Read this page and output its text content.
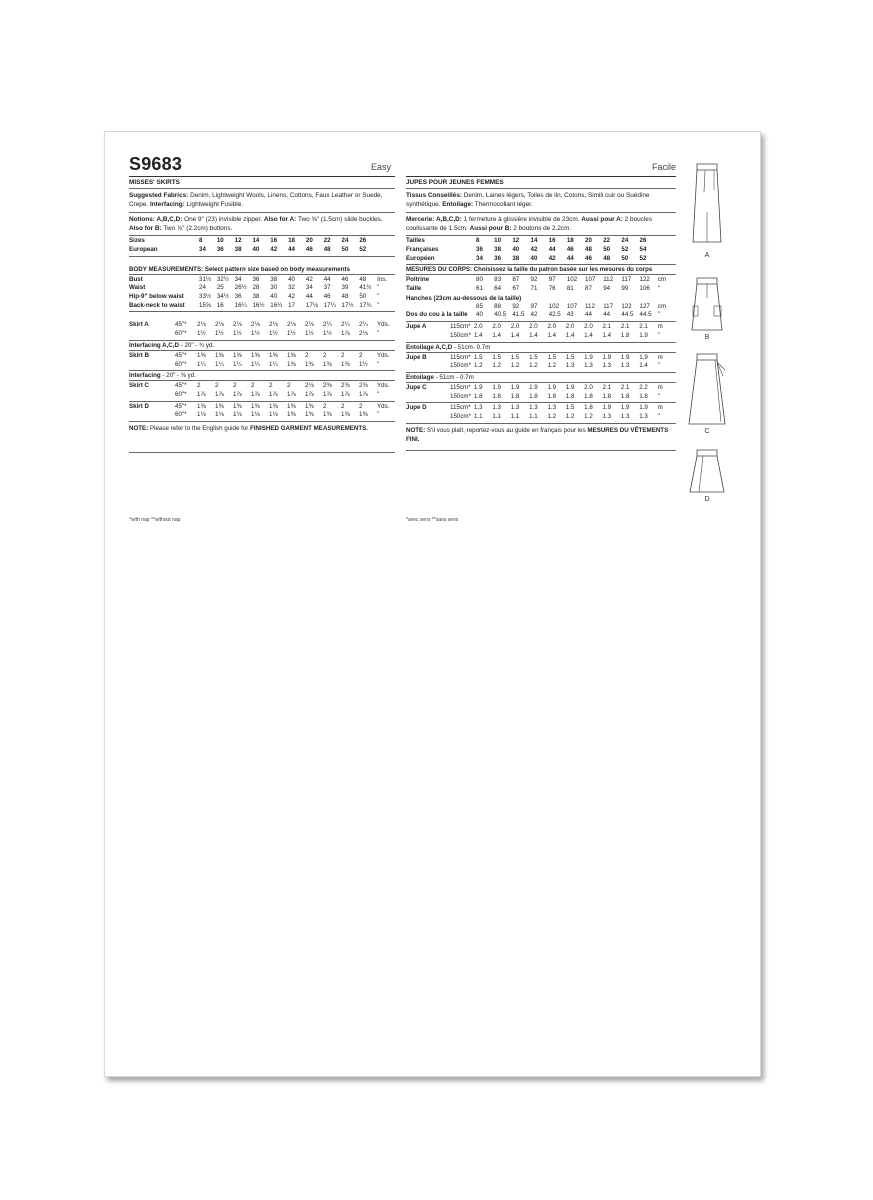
S9683	Easy
MISSES' SKIRTS
Suggested Fabrics: Denim, Lightweight Wools, Linens, Cottons, Faux Leather or Suede, Crepe. Interfacing: Lightweight Fusible.
Notions: A,B,C,D: One 9" (23) invisible zipper. Also for A: Two ⅝" (1.5cm) slide buckles. Also for B: Two ⅞" (2.2cm) buttons.
Sizes	8	10	12	14	16	18	20	22	24	26	
European	34	36	38	40	42	44	46	48	50	52	
BODY MEASUREMENTS: Select pattern size based on body measurements
Bust	31½	32½	34	36	38	40	42	44	46	48	Ins.
Waist	24	25	26½	28	30	32	34	37	39	41½	"
Hip-9" below waist	33½	34½	36	38	40	42	44	46	48	50	"
Back-neck to waist	15⅝	16	16¼	16½	16¾	17	17⅛	17¼	17½	17¾	"
Skirt A	45"*	2⅛	2⅛	2⅛	2⅛	2⅛	2⅛	2⅛	2¼	2¼	2¼	Yds.
	60"*	1½	1½	1½	1½	1½	1½	1½	1½	1⅞	2⅛	"
Interfacing A,C,D - 20" - ¾ yd.
Skirt B	45"*	1⅝	1⅝	1⅝	1⅝	1⅝	1⅝	2	2	2	2	Yds.
	60"*	1¼	1¼	1¼	1¼	1¼	1⅜	1⅜	1⅜	1⅜	1½	"
Interfacing - 20" - ⅜ yd.
Skirt C	45"*	2	2	2	2	2	2	2⅛	2⅜	2⅜	2⅜	Yds.
	60"*	1⅞	1⅞	1⅞	1⅞	1⅞	1⅞	1⅞	1⅞	1⅞	1⅞	"
Skirt D	45"*	1⅜	1⅜	1⅜	1⅜	1⅜	1⅜	1⅜	2	2	2	Yds.
	60"*	1⅛	1⅛	1⅛	1⅛	1⅛	1⅜	1⅜	1⅜	1⅜	1⅜	"
NOTE: Please refer to the English guide for FINISHED GARMENT MEASUREMENTS.
*with nap **without nap
Facile
JUPES POUR JEUNES FEMMES
Tissus Conseillés: Denim, Laines légers, Toiles de lin, Cotons, Simili cuir ou Suédine synthétique. Entoilage: Thermocollant léger.
Mercerie: A,B,C,D: 1 fermeture à glissière invisible de 23cm. Aussi pour A: 2 boucles coulissante de 1.5cm. Aussi pour B: 2 boutons de 2.2cm.
Tailles	8	10	12	14	16	18	20	22	24	26	
Françaises	36	38	40	42	44	46	48	50	52	54	
Européen	34	36	38	40	42	44	46	48	50	52	
MESURES DU CORPS: Choisissez la taille du patron basée sur les mesures du corps
Poitrine	80	83	87	92	97	102	107	112	117	122	cm
Taille	61	64	67	71	76	81	87	94	99	106	"
Hanches (23cm au-dessous de la taille)
	85	88	92	97	102	107	112	117	122	127	cm
Dos du cou à la taille	40	40.5	41.5	42	42.5	43	44	44	44.5	44.5	"
Jupe A	115cm*	2.0	2.0	2.0	2.0	2.0	2.0	2.0	2.1	2.1	2.1	m
	150cm*	1.4	1.4	1.4	1.4	1.4	1.4	1.4	1.4	1.8	1.9	"
Entoilage A,C,D - 51cm- 0.7m
Jupe B	115cm*	1.5	1.5	1.5	1.5	1.5	1.5	1.9	1.9	1.9	1.9	m
	150cm*	1.2	1.2	1.2	1.2	1.2	1.3	1.3	1.3	1.3	1.4	"
Entoilage - 51cm - 0.7m
Jupe C	115cm*	1.9	1.9	1.9	1.9	1.9	1.9	2.0	2.1	2.1	2.2	m
	150cm*	1.8	1.8	1.8	1.8	1.8	1.8	1.8	1.8	1.8	1.8	"
Jupe D	115cm*	1.3	1.3	1.3	1.3	1.3	1.5	1.8	1.9	1.9	1.9	m
	150cm*	1.1	1.1	1.1	1.1	1.2	1.2	1.2	1.3	1.3	1.3	"
NOTE: S'il vous plaît, reportez-vous au guide en français pour les MESURES DU VÊTEMENTS FINI.
*avec sens **sans sens
A
B
C
D
